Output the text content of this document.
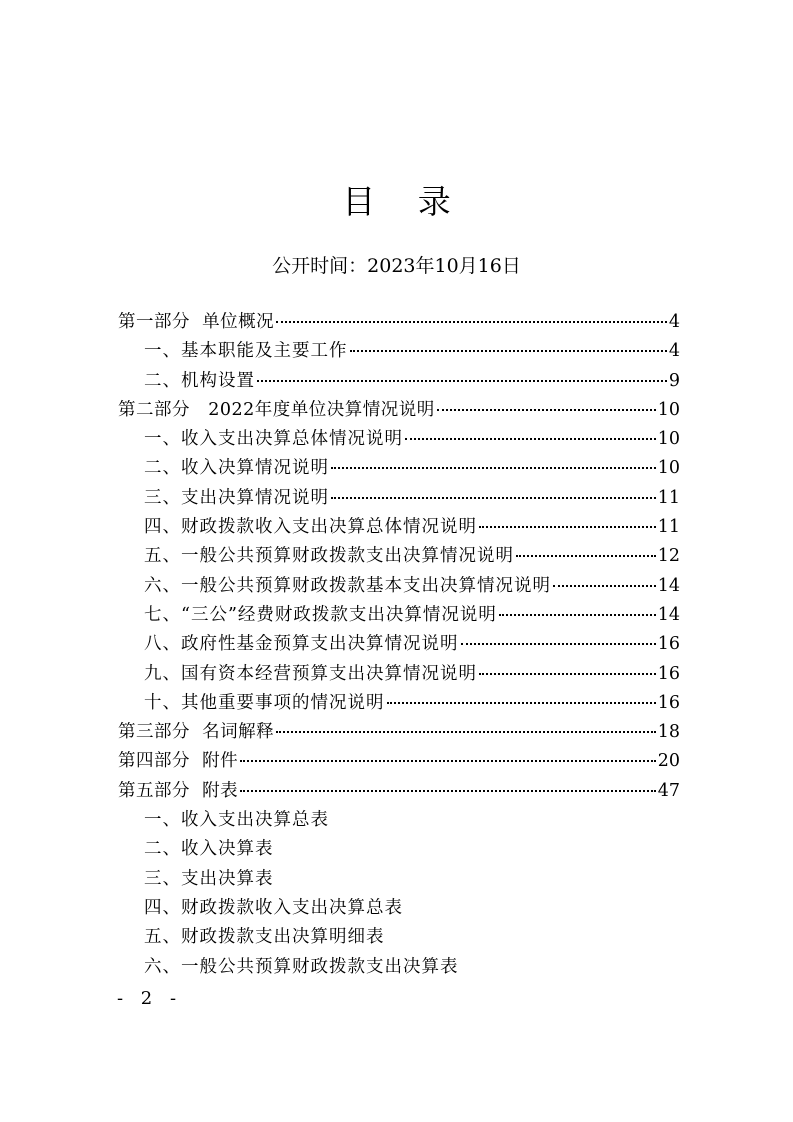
目 录
公开时间：2023年10月16日
第一部分  单位概况	4
一、基本职能及主要工作	4
二、机构设置	9
第二部分   2022年度单位决算情况说明	10
一、收入支出决算总体情况说明	10
二、收入决算情况说明	10
三、支出决算情况说明	11
四、财政拨款收入支出决算总体情况说明	11
五、一般公共预算财政拨款支出决算情况说明	12
六、一般公共预算财政拨款基本支出决算情况说明	14
七、“三公”经费财政拨款支出决算情况说明	14
八、政府性基金预算支出决算情况说明	16
九、国有资本经营预算支出决算情况说明	16
十、其他重要事项的情况说明	16
第三部分  名词解释	18
第四部分  附件	20
第五部分  附表	47
一、收入支出决算总表
二、收入决算表
三、支出决算表
四、财政拨款收入支出决算总表
五、财政拨款支出决算明细表
六、一般公共预算财政拨款支出决算表
- 2 -
